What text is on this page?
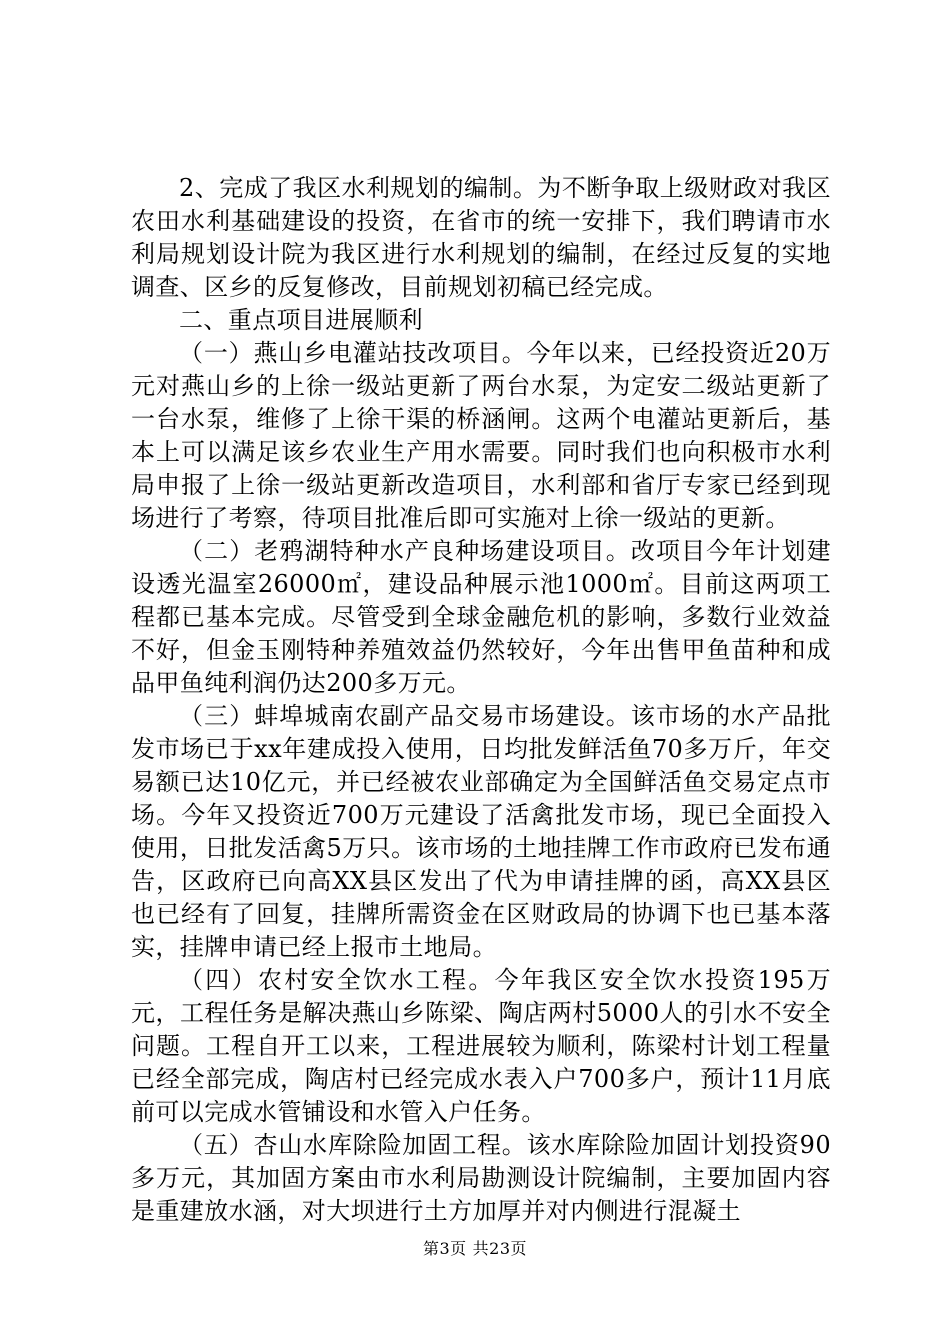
2、完成了我区水利规划的编制。为不断争取上级财政对我区农田水利基础建设的投资，在省市的统一安排下，我们聘请市水利局规划设计院为我区进行水利规划的编制，在经过反复的实地调查、区乡的反复修改，目前规划初稿已经完成。

二、重点项目进展顺利

（一）燕山乡电灌站技改项目。今年以来，已经投资近20万元对燕山乡的上徐一级站更新了两台水泵，为定安二级站更新了一台水泵，维修了上徐干渠的桥涵闸。这两个电灌站更新后，基本上可以满足该乡农业生产用水需要。同时我们也向积极市水利局申报了上徐一级站更新改造项目，水利部和省厅专家已经到现场进行了考察，待项目批准后即可实施对上徐一级站的更新。

（二）老鸦湖特种水产良种场建设项目。改项目今年计划建设透光温室26000㎡，建设品种展示池1000㎡。目前这两项工程都已基本完成。尽管受到全球金融危机的影响，多数行业效益不好，但金玉刚特种养殖效益仍然较好，今年出售甲鱼苗种和成品甲鱼纯利润仍达200多万元。

（三）蚌埠城南农副产品交易市场建设。该市场的水产品批发市场已于xx年建成投入使用，日均批发鲜活鱼70多万斤，年交易额已达10亿元，并已经被农业部确定为全国鲜活鱼交易定点市场。今年又投资近700万元建设了活禽批发市场，现已全面投入使用，日批发活禽5万只。该市场的土地挂牌工作市政府已发布通告，区政府已向高XX县区发出了代为申请挂牌的函，高XX县区也已经有了回复，挂牌所需资金在区财政局的协调下也已基本落实，挂牌申请已经上报市土地局。

（四）农村安全饮水工程。今年我区安全饮水投资195万元，工程任务是解决燕山乡陈梁、陶店两村5000人的引水不安全问题。工程自开工以来，工程进展较为顺利，陈梁村计划工程量已经全部完成，陶店村已经完成水表入户700多户，预计11月底前可以完成水管铺设和水管入户任务。

（五）杏山水库除险加固工程。该水库除险加固计划投资90多万元，其加固方案由市水利局勘测设计院编制，主要加固内容是重建放水涵，对大坝进行土方加厚并对内侧进行混凝土

第3页 共23页
